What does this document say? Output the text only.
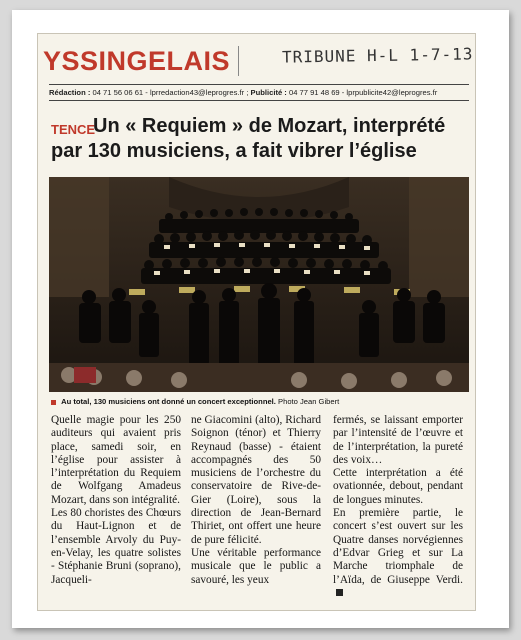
YSSINGELAIS	TRIBUNE H-L 1-7-13
Rédaction : 04 71 56 06 61 - lprredaction43@leprogres.fr ; Publicité : 04 77 91 48 69 - lprpublicite42@leprogres.fr
TENCE
Un « Requiem » de Mozart, interprété par 130 musiciens, a fait vibrer l’église
Au total, 130 musiciens ont donné un concert exceptionnel. Photo Jean Gibert

Quelle magie pour les 250 auditeurs qui avaient pris place, samedi soir, en l’église pour assister à l’interprétation du Requiem de Wolfgang Amadeus Mozart, dans son intégralité.

Les 80 choristes des Chœurs du Haut-Lignon et de l’ensemble Arvoly du Puy-en-Velay, les quatre solistes - Stéphanie Bruni (soprano), Jacqueli-

ne Giacomini (alto), Richard Soignon (ténor) et Thierry Reynaud (basse) - étaient accompagnés des 50 musiciens de l’orchestre du conservatoire de Rive-de-Gier (Loire), sous la direction de Jean-Bernard Thiriet, ont offert une heure de pure félicité.

Une véritable performance musicale que le public a savouré, les yeux

fermés, se laissant emporter par l’intensité de l’œuvre et de l’interprétation, la pureté des voix…

Cette interprétation a été ovationnée, debout, pendant de longues minutes.

En première partie, le concert s’est ouvert sur les Quatre danses norvégiennes d’Edvar Grieg et sur La Marche triomphale de l’Aïda, de Giuseppe Verdi.
